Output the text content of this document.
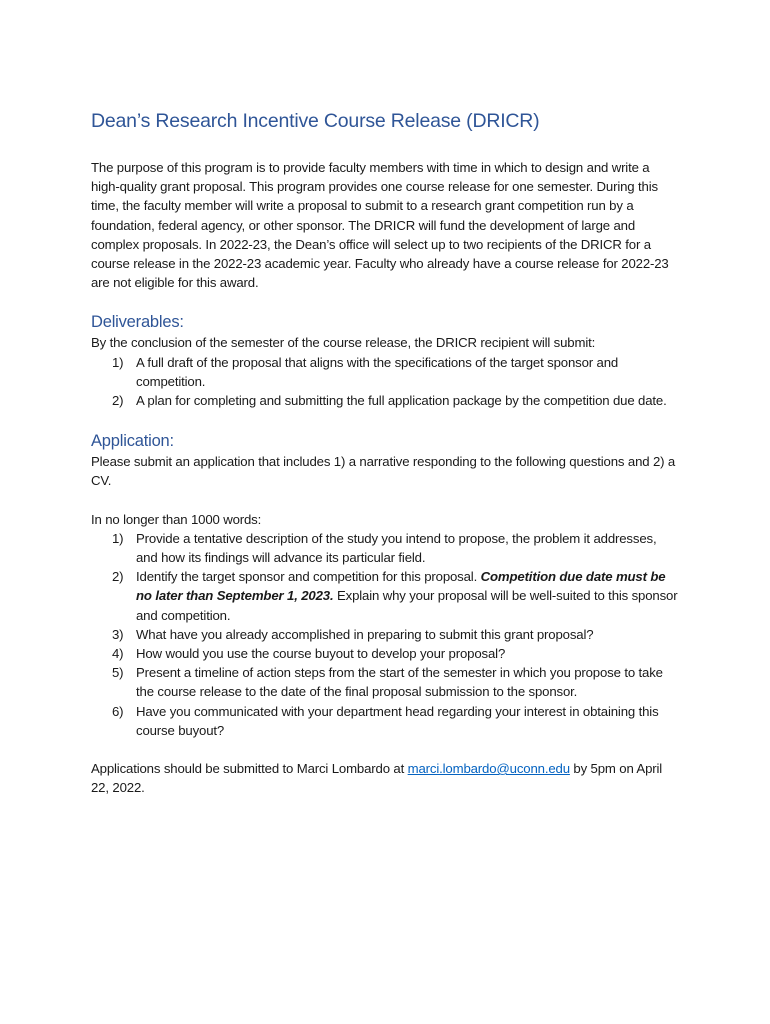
Dean’s Research Incentive Course Release (DRICR)

The purpose of this program is to provide faculty members with time in which to design and write a high-quality grant proposal. This program provides one course release for one semester. During this time, the faculty member will write a proposal to submit to a research grant competition run by a foundation, federal agency, or other sponsor. The DRICR will fund the development of large and complex proposals. In 2022-23, the Dean’s office will select up to two recipients of the DRICR for a course release in the 2022-23 academic year. Faculty who already have a course release for 2022-23 are not eligible for this award.

Deliverables:

By the conclusion of the semester of the course release, the DRICR recipient will submit:

1) A full draft of the proposal that aligns with the specifications of the target sponsor and competition.
2) A plan for completing and submitting the full application package by the competition due date.
Application:

Please submit an application that includes 1) a narrative responding to the following questions and 2) a CV.

In no longer than 1000 words:

1) Provide a tentative description of the study you intend to propose, the problem it addresses, and how its findings will advance its particular field.
2) Identify the target sponsor and competition for this proposal. Competition due date must be no later than September 1, 2023. Explain why your proposal will be well-suited to this sponsor and competition.
3) What have you already accomplished in preparing to submit this grant proposal?
4) How would you use the course buyout to develop your proposal?
5) Present a timeline of action steps from the start of the semester in which you propose to take the course release to the date of the final proposal submission to the sponsor.
6) Have you communicated with your department head regarding your interest in obtaining this course buyout?

Applications should be submitted to Marci Lombardo at marci.lombardo@uconn.edu by 5pm on April 22, 2022.
